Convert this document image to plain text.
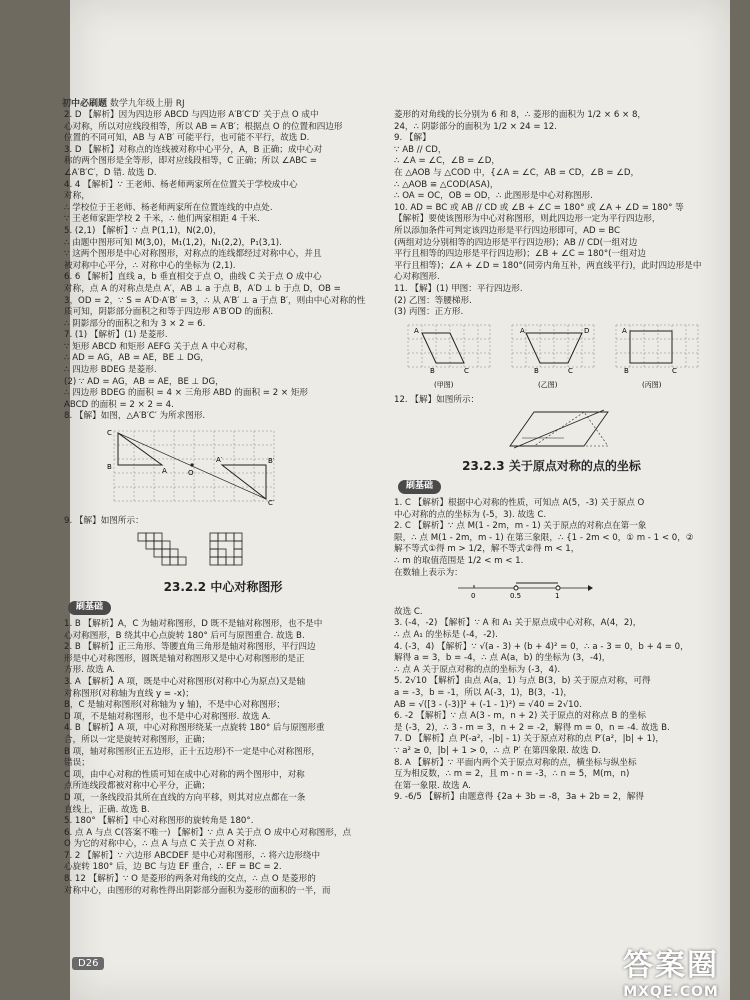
初中必刷题 数学九年级上册 RJ

2. D 【解析】因为四边形 ABCD 与四边形 A′B′C′D′ 关于点 O 成中

心对称，所以对应线段相等，所以 AB = A′B′；根据点 O 的位置和四边形

位置的不同可知，AB 与 A′B′ 可能平行，也可能不平行，故选 D.

3. D 【解析】对称点的连线被对称中心平分，A，B 正确；成中心对

称的两个图形是全等形，即对应线段相等，C 正确；所以 ∠ABC =

∠A′B′C′，D 错. 故选 D.

4. 4 【解析】∵ 王老师、杨老师两家所在位置关于学校成中心

对称，

∴ 学校位于王老师、杨老师两家所在位置连线的中点处.

∵ 王老师家距学校 2 千米，∴ 他们两家相距 4 千米.

5. (2,1) 【解析】∵ 点 P(1,1)，N(2,0)，

∴ 由题中图形可知 M(3,0)，M₁(1,2)，N₁(2,2)，P₁(3,1).

∵ 这两个图形是中心对称图形，对称点的连线都经过对称中心，并且

被对称中心平分，∴ 对称中心的坐标为 (2,1).

6. 6 【解析】直线 a，b 垂直相交于点 O，曲线 C 关于点 O 成中心

对称，点 A 的对称点是点 A′，AB ⊥ a 于点 B，A′D ⊥ b 于点 D，OB =

3，OD = 2，∵ S = A′D·A′B′ = 3，∴ 从 A′B′ ⊥ a 于点 B′，则由中心对称的性

质可知，阴影部分面积之和等于四边形 A′B′OD 的面积.

∴ 阴影部分的面积之和为 3 × 2 = 6.

7. (1) 【解析】(1) 是菱形.

∵ 矩形 ABCD 和矩形 AEFG 关于点 A 中心对称，

∴ AD = AG，AB = AE，BE ⊥ DG，

∴ 四边形 BDEG 是菱形.

(2) ∵ AD = AG，AB = AE，BE ⊥ DG，

∴ 四边形 BDEG 的面积 = 4 × 三角形 ABD 的面积 = 2 × 矩形

ABCD 的面积 = 2 × 2 = 4.

8. 【解】如图，△A′B′C′ 为所求图形.

C
B	A	O
A′	B′
C′

9. 【解】如图所示：

23.2.2 中心对称图形
刷基础

1. B 【解析】A，C 为轴对称图形，D 既不是轴对称图形，也不是中

心对称图形，B 绕其中心点旋转 180° 后可与原图重合. 故选 B.

2. B 【解析】正三角形、等腰直角三角形是轴对称图形，平行四边

形是中心对称图形，圆既是轴对称图形又是中心对称图形的是正

方形. 故选 A.

3. A 【解析】A 项，既是中心对称图形(对称中心为原点)又是轴

对称图形(对称轴为直线 y = -x)；

B，C 是轴对称图形(对称轴为 y 轴)，不是中心对称图形；

D 项，不是轴对称图形，也不是中心对称图形. 故选 A.

4. B 【解析】A 项，中心对称图形绕某一点旋转 180° 后与原图形重

合，所以一定是旋转对称图形，正确；

B 项，轴对称图形(正五边形，正十五边形)不一定是中心对称图形，

错误；

C 项，由中心对称的性质可知在成中心对称的两个图形中，对称

点所连线段都被对称中心平分，正确；

D 项，一条线段沿其所在直线的方向平移，则其对应点都在一条

直线上，正确. 故选 B.

5. 180° 【解析】中心对称图形的旋转角是 180°.

6. 点 A 与点 C(答案不唯一) 【解析】∵ 点 A 关于点 O 成中心对称图形，点

O 为它的对称中心，∴ 点 A 与点 C 关于点 O 对称.

7. 2 【解析】∵ 六边形 ABCDEF 是中心对称图形，∴ 将六边形绕中

心旋转 180° 后，边 BC 与边 EF 重合，∴ EF = BC = 2.

8. 12 【解析】∵ O 是菱形的两条对角线的交点，∴ 点 O 是菱形的

对称中心，由图形的对称性得出阴影部分面积为菱形的面积的一半，而

菱形的对角线的长分别为 6 和 8，∴ 菱形的面积为 1/2 × 6 × 8，

24，∴ 阴影部分的面积为 1/2 × 24 = 12.

9. 【解】

∵ AB // CD，

∴ ∠A = ∠C，∠B = ∠D，

在 △AOB 与 △COD 中，{∠A = ∠C，AB = CD，∠B = ∠D，

∴ △AOB ≌ △COD(ASA)，

∴ OA = OC，OB = OD，∴ 此图形是中心对称图形.

10. AD = BC 或 AB // CD 或 ∠B + ∠C = 180° 或 ∠A + ∠D = 180° 等

【解析】要使该图形为中心对称图形，则此四边形一定为平行四边形，

所以添加条件可判定该四边形是平行四边形即可，AD = BC

(两组对边分别相等的四边形是平行四边形)；AB // CD(一组对边

平行且相等的四边形是平行四边形)；∠B + ∠C = 180°(一组对边

平行且相等)；∠A + ∠D = 180°(同旁内角互补，两直线平行)，此时四边形是中心对称图形.

11. 【解】(1) 甲图：平行四边形.

(2) 乙图：等腰梯形.

(3) 丙图：正方形.

A
B	C
(甲图)
A
B	C
D
(乙图)
A
B	C
(丙图)

12. 【解】如图所示：

23.2.3 关于原点对称的点的坐标
刷基础

1. C 【解析】根据中心对称的性质，可知点 A(5，-3) 关于原点 O

中心对称的点的坐标为 (-5，3). 故选 C.

2. C 【解析】∵ 点 M(1 - 2m，m - 1) 关于原点的对称点在第一象

限，∴ 点 M(1 - 2m，m - 1) 在第三象限，∴ {1 - 2m < 0，① m - 1 < 0，②

解不等式①得 m > 1/2，解不等式②得 m < 1，

∴ m 的取值范围是 1/2 < m < 1.

在数轴上表示为：

0	0.5	1

故选 C.

3. (-4，-2) 【解析】∵ A 和 A₁ 关于原点成中心对称，A(4，2)，

∴ 点 A₁ 的坐标是 (-4，-2).

4. (-3，4) 【解析】∵ √(a - 3) + (b + 4)² = 0，∴ a - 3 = 0，b + 4 = 0，

解得 a = 3，b = -4，∴ 点 A(a，b) 的坐标为 (3，-4)，

∴ 点 A 关于原点对称的点的坐标为 (-3，4).

5. 2√10 【解析】由点 A(a，1) 与点 B(3，b) 关于原点对称，可得

a = -3，b = -1，所以 A(-3，1)，B(3，-1)，

AB = √([3 - (-3)]² + (-1 - 1)²) = √40 = 2√10.

6. -2 【解析】∵ 点 A(3 - m，n + 2) 关于原点的对称点 B 的坐标

是 (-3，2)，∴ 3 - m = 3，n + 2 = -2，解得 m = 0，n = -4. 故选 B.

7. D 【解析】点 P(-a²，-|b| - 1) 关于原点对称的点 P′(a²，|b| + 1)，

∵ a² ≥ 0，|b| + 1 > 0，∴ 点 P′ 在第四象限. 故选 D.

8. A 【解析】∵ 平面内两个关于原点对称的点，横坐标与纵坐标

互为相反数，∴ m = 2，且 m - n = -3，∴ n = 5，M(m，n)

在第一象限. 故选 A.

9. -6/5 【解析】由题意得 {2a + 3b = -8，3a + 2b = 2，解得

D26	答案圈
MXQE.COM
